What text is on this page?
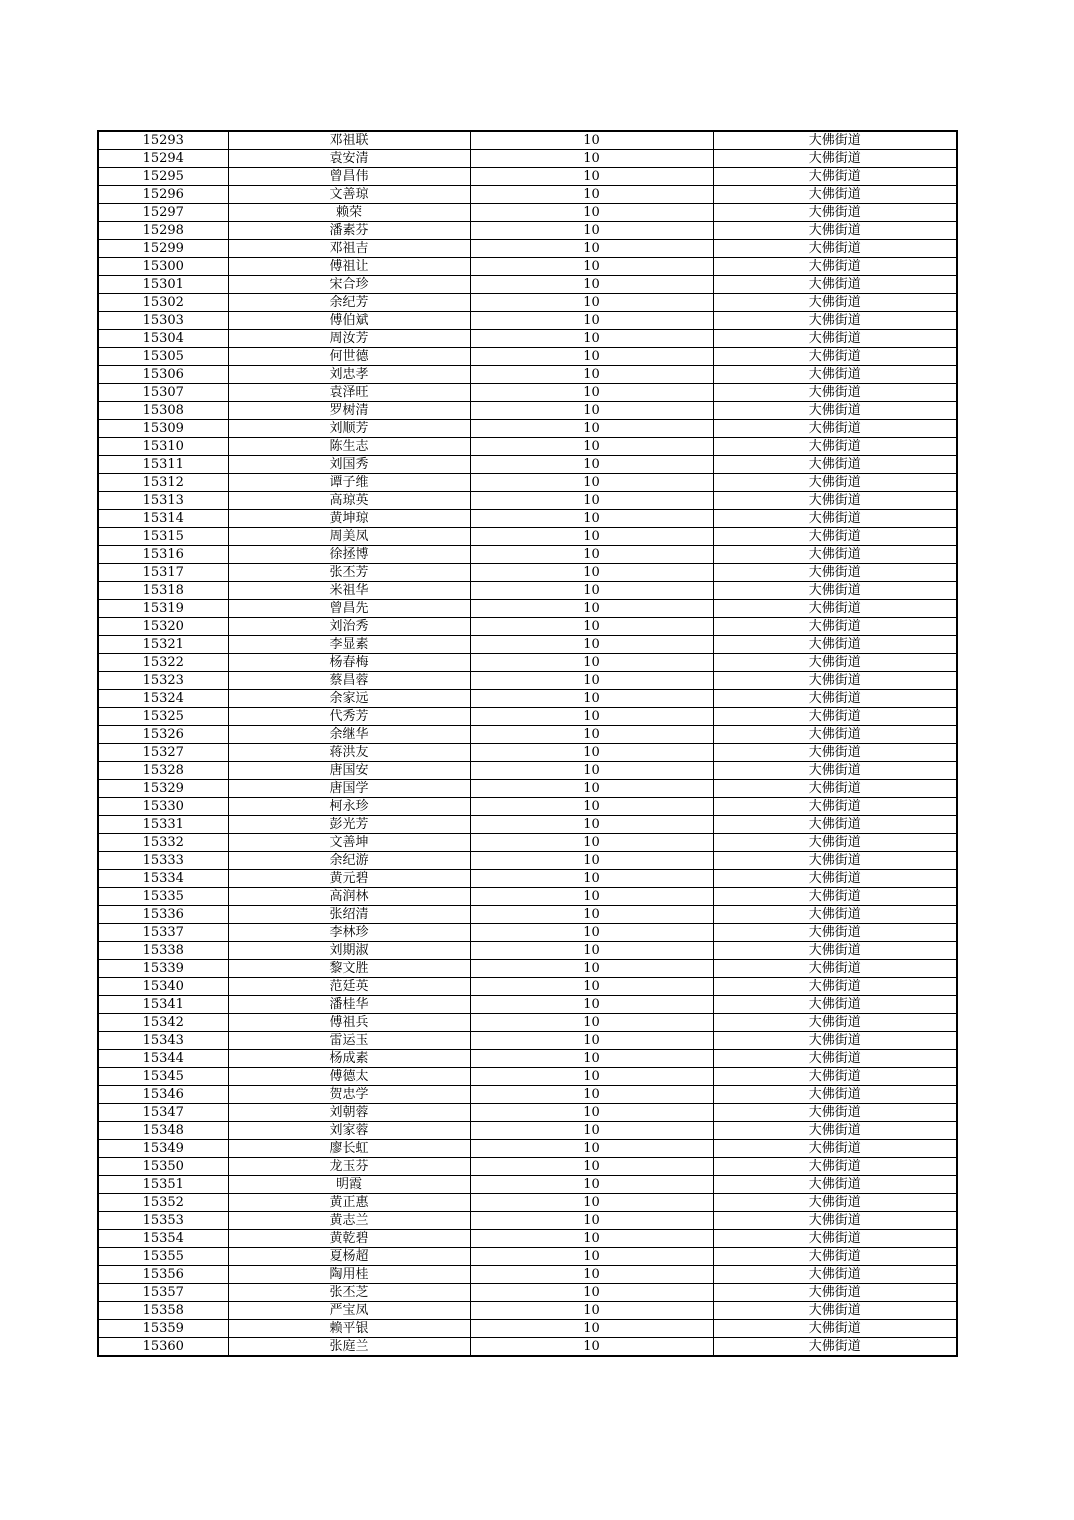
15293	邓祖联	10	大佛街道
15294	袁安清	10	大佛街道
15295	曾昌伟	10	大佛街道
15296	文善琼	10	大佛街道
15297	赖荣	10	大佛街道
15298	潘素芬	10	大佛街道
15299	邓祖吉	10	大佛街道
15300	傅祖让	10	大佛街道
15301	宋合珍	10	大佛街道
15302	余纪芳	10	大佛街道
15303	傅伯斌	10	大佛街道
15304	周汝芳	10	大佛街道
15305	何世德	10	大佛街道
15306	刘忠孝	10	大佛街道
15307	袁泽旺	10	大佛街道
15308	罗树清	10	大佛街道
15309	刘顺芳	10	大佛街道
15310	陈生志	10	大佛街道
15311	刘国秀	10	大佛街道
15312	谭子维	10	大佛街道
15313	高琼英	10	大佛街道
15314	黄坤琼	10	大佛街道
15315	周美凤	10	大佛街道
15316	徐拯博	10	大佛街道
15317	张丕芳	10	大佛街道
15318	米祖华	10	大佛街道
15319	曾昌先	10	大佛街道
15320	刘治秀	10	大佛街道
15321	李显素	10	大佛街道
15322	杨春梅	10	大佛街道
15323	蔡昌蓉	10	大佛街道
15324	余家远	10	大佛街道
15325	代秀芳	10	大佛街道
15326	余继华	10	大佛街道
15327	蒋洪友	10	大佛街道
15328	唐国安	10	大佛街道
15329	唐国学	10	大佛街道
15330	柯永珍	10	大佛街道
15331	彭光芳	10	大佛街道
15332	文善坤	10	大佛街道
15333	余纪游	10	大佛街道
15334	黄元碧	10	大佛街道
15335	高润林	10	大佛街道
15336	张绍清	10	大佛街道
15337	李林珍	10	大佛街道
15338	刘期淑	10	大佛街道
15339	黎文胜	10	大佛街道
15340	范廷英	10	大佛街道
15341	潘桂华	10	大佛街道
15342	傅祖兵	10	大佛街道
15343	雷运玉	10	大佛街道
15344	杨成素	10	大佛街道
15345	傅德太	10	大佛街道
15346	贺忠学	10	大佛街道
15347	刘朝蓉	10	大佛街道
15348	刘家蓉	10	大佛街道
15349	廖长虹	10	大佛街道
15350	龙玉芬	10	大佛街道
15351	明霞	10	大佛街道
15352	黄正惠	10	大佛街道
15353	黄志兰	10	大佛街道
15354	黄乾碧	10	大佛街道
15355	夏杨超	10	大佛街道
15356	陶用桂	10	大佛街道
15357	张丕芝	10	大佛街道
15358	严宝凤	10	大佛街道
15359	赖平银	10	大佛街道
15360	张庭兰	10	大佛街道
